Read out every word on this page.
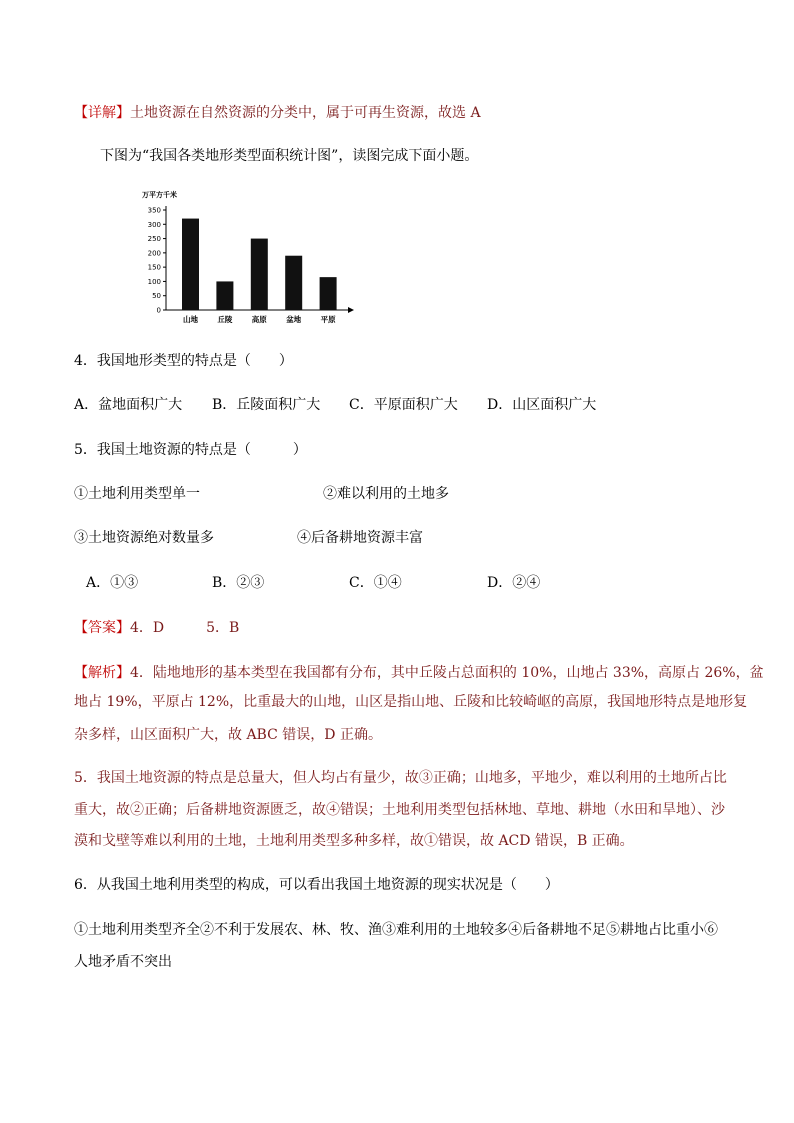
【详解】土地资源在自然资源的分类中，属于可再生资源，故选 A
下图为“我国各类地形类型面积统计图”，读图完成下面小题。
万平方千米
0
50
100
150
200
250
300
350
山地	丘陵	高原	盆地	平原
4．我国地形类型的特点是（　　）
A．盆地面积广大 B．丘陵面积广大 C．平原面积广大 D．山区面积广大
5．我国土地资源的特点是（　　　）
①土地利用类型单一	②难以利用的土地多
③土地资源绝对数量多	④后备耕地资源丰富
A．①③	B．②③	C．①④	D．②④
【答案】4．D	5．B
【解析】4．陆地地形的基本类型在我国都有分布，其中丘陵占总面积的 10%，山地占 33%，高原占 26%，盆
地占 19%，平原占 12%，比重最大的山地，山区是指山地、丘陵和比较崎岖的高原，我国地形特点是地形复
杂多样，山区面积广大，故 ABC 错误，D 正确。
5．我国土地资源的特点是总量大，但人均占有量少，故③正确；山地多，平地少，难以利用的土地所占比
重大，故②正确；后备耕地资源匮乏，故④错误；土地利用类型包括林地、草地、耕地（水田和旱地）、沙
漠和戈壁等难以利用的土地，土地利用类型多种多样，故①错误，故 ACD 错误，B 正确。
6．从我国土地利用类型的构成，可以看出我国土地资源的现实状况是（　　）
①土地利用类型齐全②不利于发展农、林、牧、渔③难利用的土地较多④后备耕地不足⑤耕地占比重小⑥
人地矛盾不突出
